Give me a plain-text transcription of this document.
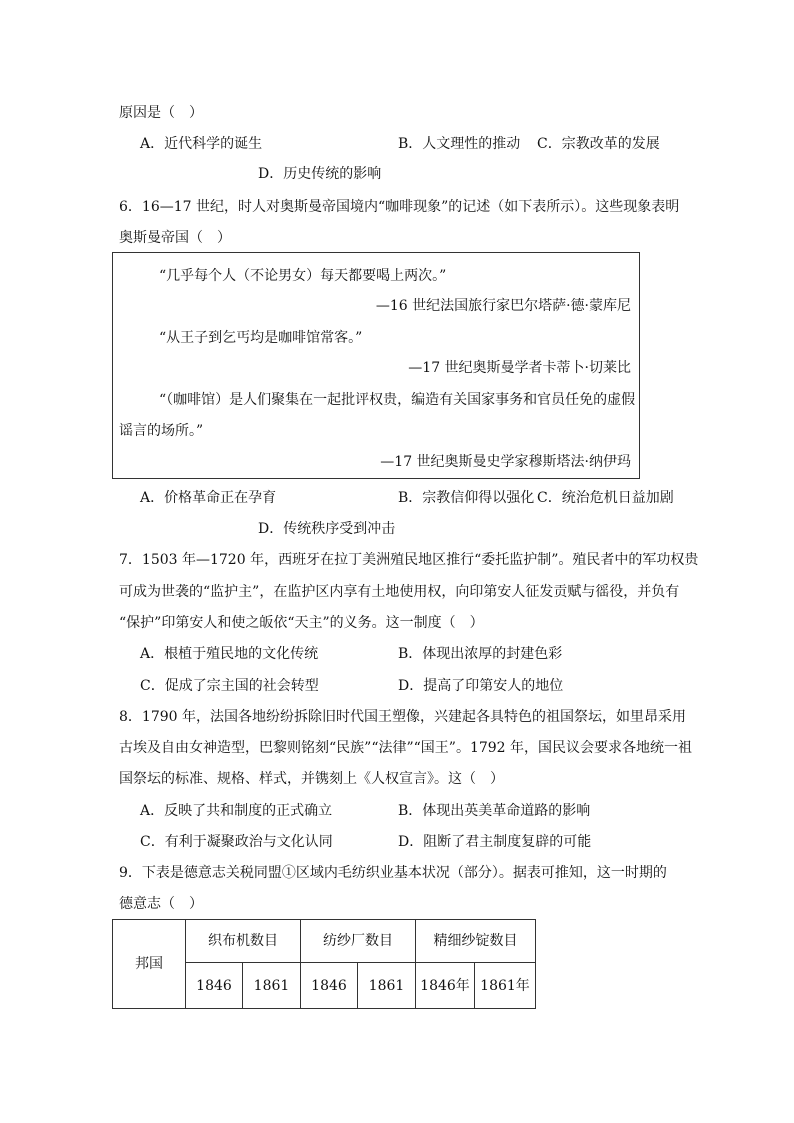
原因是（　）
A．近代科学的诞生	B．人文理性的推动 C．宗教改革的发展
D．历史传统的影响
6．16—17 世纪，时人对奥斯曼帝国境内“咖啡现象”的记述（如下表所示）。这些现象表明
奥斯曼帝国（　）
“几乎每个人（不论男女）每天都要喝上两次。”
—16 世纪法国旅行家巴尔塔萨·德·蒙库尼
“从王子到乞丐均是咖啡馆常客。”
—17 世纪奥斯曼学者卡蒂卜·切莱比
“（咖啡馆）是人们聚集在一起批评权贵，编造有关国家事务和官员任免的虚假
谣言的场所。”
—17 世纪奥斯曼史学家穆斯塔法·纳伊玛
A．价格革命正在孕育	B．宗教信仰得以强化 C．统治危机日益加剧
D．传统秩序受到冲击
7．1503 年—1720 年，西班牙在拉丁美洲殖民地区推行“委托监护制”。殖民者中的军功权贵
可成为世袭的“监护主”，在监护区内享有土地使用权，向印第安人征发贡赋与徭役，并负有
“保护”印第安人和使之皈依“天主”的义务。这一制度（　）
A．根植于殖民地的文化传统	B．体现出浓厚的封建色彩
C．促成了宗主国的社会转型	D．提高了印第安人的地位
8．1790 年，法国各地纷纷拆除旧时代国王塑像，兴建起各具特色的祖国祭坛，如里昂采用
古埃及自由女神造型，巴黎则铭刻“民族”“法律”“国王”。1792 年，国民议会要求各地统一祖
国祭坛的标准、规格、样式，并镌刻上《人权宣言》。这（　）
A．反映了共和制度的正式确立	B．体现出英美革命道路的影响
C．有利于凝聚政治与文化认同	D．阻断了君主制度复辟的可能
9．下表是德意志关税同盟①区域内毛纺织业基本状况（部分）。据表可推知，这一时期的
德意志（　）
邦国	织布机数目		纺纱厂数目		精细纱锭数目	
	1846	1861	1846	1861	1846年	1861年
